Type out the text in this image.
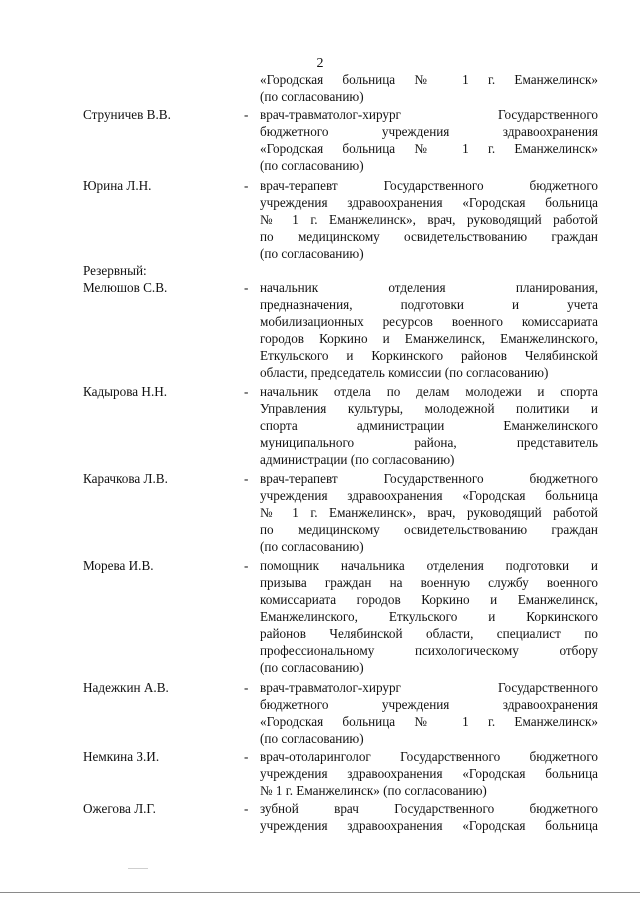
2
«Городская больница № 1 г. Еманжелинск»
(по согласованию)
Струничев В.В.	- врач-травматолог-хирург Государственного
бюджетного учреждения здравоохранения
«Городская больница № 1 г. Еманжелинск»
(по согласованию)
Юрина Л.Н.	- врач-терапевт Государственного бюджетного
учреждения здравоохранения «Городская больница
№ 1 г. Еманжелинск», врач, руководящий работой
по медицинскому освидетельствованию граждан
(по согласованию)
Резервный:
Мелюшов С.В.	- начальник отделения планирования,
предназначения, подготовки и учета
мобилизационных ресурсов военного комиссариата
городов Коркино и Еманжелинск, Еманжелинского,
Еткульского и Коркинского районов Челябинской
области, председатель комиссии (по согласованию)
Кадырова Н.Н.	- начальник отдела по делам молодежи и спорта
Управления культуры, молодежной политики и
спорта администрации Еманжелинского
муниципального района, представитель
администрации (по согласованию)
Карачкова Л.В.	- врач-терапевт Государственного бюджетного
учреждения здравоохранения «Городская больница
№ 1 г. Еманжелинск», врач, руководящий работой
по медицинскому освидетельствованию граждан
(по согласованию)
Морева И.В.	- помощник начальника отделения подготовки и
призыва граждан на военную службу военного
комиссариата городов Коркино и Еманжелинск,
Еманжелинского, Еткульского и Коркинского
районов Челябинской области, специалист по
профессиональному психологическому отбору
(по согласованию)
Надежкин А.В.	- врач-травматолог-хирург Государственного
бюджетного учреждения здравоохранения
«Городская больница № 1 г. Еманжелинск»
(по согласованию)
Немкина З.И.	- врач-отоларинголог Государственного бюджетного
учреждения здравоохранения «Городская больница
№ 1 г. Еманжелинск» (по согласованию)
Ожегова Л.Г.	- зубной врач Государственного бюджетного
учреждения здравоохранения «Городская больница
